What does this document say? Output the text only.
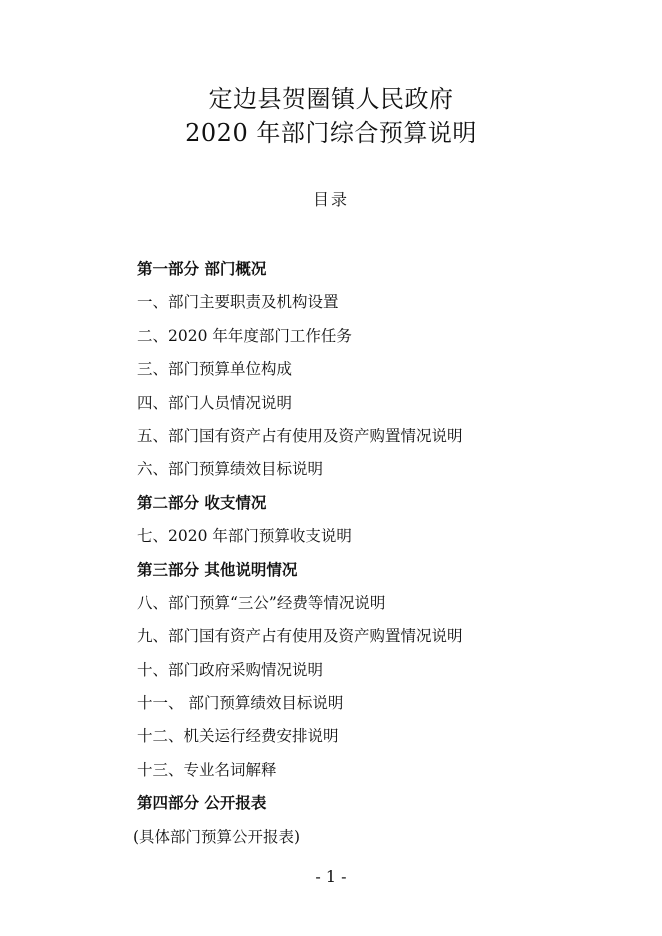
定边县贺圈镇人民政府
2020 年部门综合预算说明
目录
第一部分 部门概况
一、部门主要职责及机构设置
二、2020 年年度部门工作任务
三、部门预算单位构成
四、部门人员情况说明
五、部门国有资产占有使用及资产购置情况说明
六、部门预算绩效目标说明
第二部分 收支情况
七、2020 年部门预算收支说明
第三部分 其他说明情况
八、部门预算“三公”经费等情况说明
九、部门国有资产占有使用及资产购置情况说明
十、部门政府采购情况说明
十一、 部门预算绩效目标说明
十二、机关运行经费安排说明
十三、专业名词解释
第四部分 公开报表
(具体部门预算公开报表)
- 1 -
